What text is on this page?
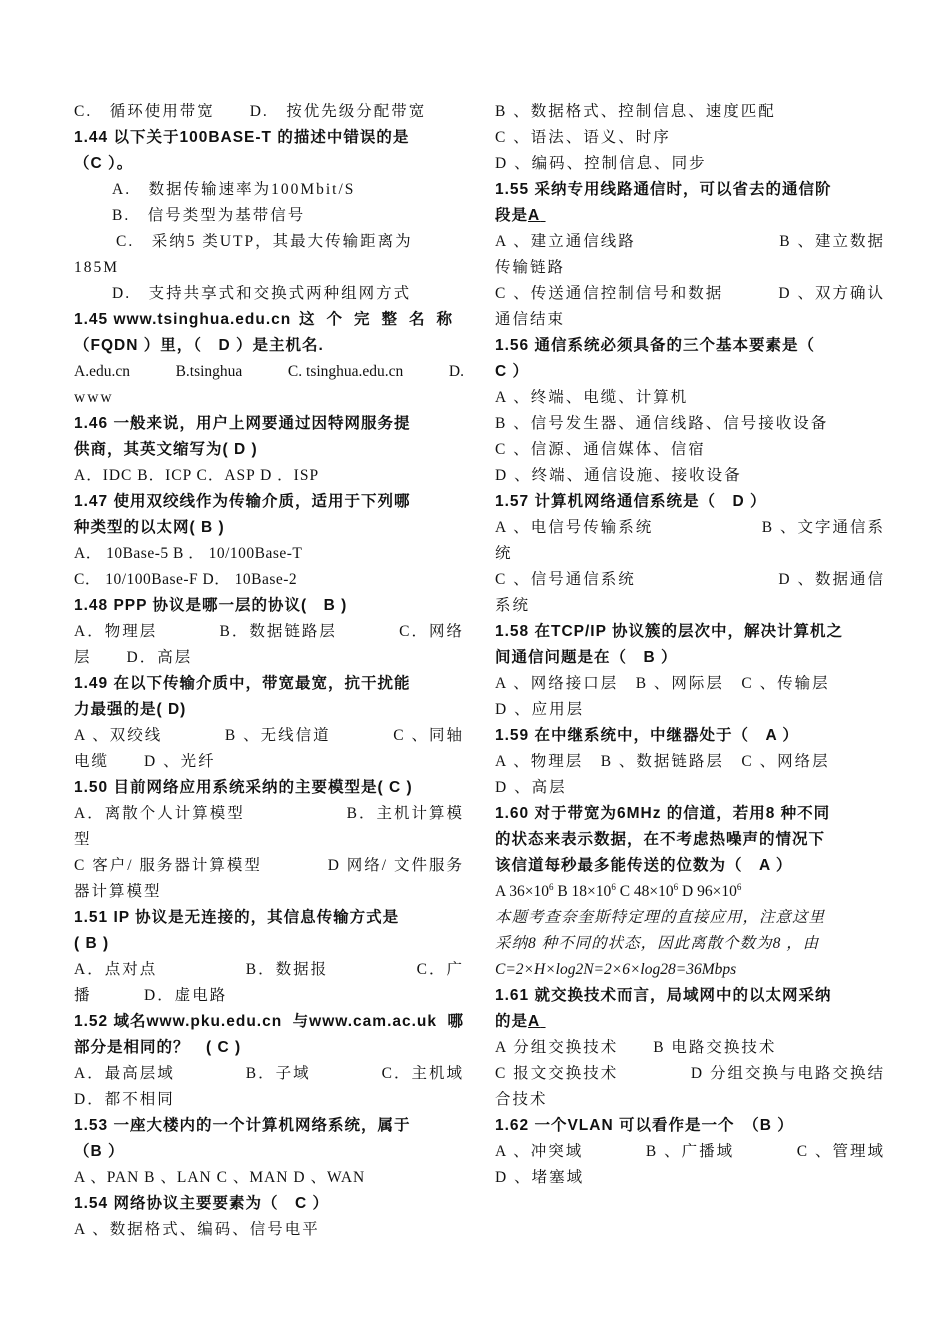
C.　循环使用带宽　　D.　按优先级分配带宽
1.44 以下关于100BASE-T 的描述中错误的是
（C ）。
A.　数据传输速率为100Mbit/S
B.　信号类型为基带信号
C.　采纳5 类UTP，其最大传输距离为
185M
D.　支持共享式和交换式两种组网方式
1.45 www.tsinghua.edu.cn 这个完整名称
（FQDN ）里，（　D ）是主机名.
A.edu.cn	B.tsinghua	C. tsinghua.edu.cn	D.
www
1.46 一般来说，用户上网要通过因特网服务提
供商，其英文缩写为( D )
A．IDC B．ICP C．ASP D ．ISP
1.47 使用双绞线作为传输介质，适用于下列哪
种类型的以太网( B )
A． 10Base-5 B ． 10/100Base-T
C． 10/100Base-F D． 10Base-2
1.48 PPP 协议是哪一层的协议(　B )
A．物理层	B．数据链路层	C．网络
层　　D．高层
1.49 在以下传输介质中，带宽最宽，抗干扰能
力最强的是( D)
A 、双绞线	B 、无线信道	C 、同轴
电缆　　D 、光纤
1.50 目前网络应用系统采纳的主要模型是( C )
A．离散个人计算模型	B．主机计算模
型
C 客户/ 服务器计算模型	D 网络/ 文件服务
器计算模型
1.51 IP 协议是无连接的，其信息传输方式是
( B )
A．点对点	B．数据报	C．广
播　　　D．虚电路
1.52 域名www.pku.edu.cn 与www.cam.ac.uk 哪
部分是相同的？　( C )
A．最高层域	B．子域	C．主机域
D．都不相同
1.53 一座大楼内的一个计算机网络系统，属于
（B ）
A 、PAN B 、LAN C 、MAN D 、WAN
1.54 网络协议主要要素为（　C ）
A 、数据格式、编码、信号电平
B 、数据格式、控制信息、速度匹配
C 、语法、语义、时序
D 、编码、控制信息、同步
1.55 采纳专用线路通信时，可以省去的通信阶
段是A
A 、建立通信线路	B 、建立数据
传输链路
C 、传送通信控制信号和数据	D 、双方确认
通信结束
1.56 通信系统必须具备的三个基本要素是（
C ）
A 、终端、电缆、计算机
B 、信号发生器、通信线路、信号接收设备
C 、信源、通信媒体、信宿
D 、终端、通信设施、接收设备
1.57 计算机网络通信系统是（　D ）
A 、电信号传输系统	B 、文字通信系
统
C 、信号通信系统	D 、数据通信
系统
1.58 在TCP/IP 协议簇的层次中，解决计算机之
间通信问题是在（　B ）
A 、网络接口层　B 、网际层　C 、传输层
D 、应用层
1.59 在中继系统中，中继器处于（　A ）
A 、物理层　B 、数据链路层　C 、网络层
D 、高层
1.60 对于带宽为6MHz 的信道，若用8 种不同
的状态来表示数据，在不考虑热噪声的情况下
该信道每秒最多能传送的位数为（　A ）
A $36\times 10^6$ B $18\times 10^6$ C $48\times 10^6$ D $96\times 10^6$
本题考查奈奎斯特定理的直接应用，注意这里
采纳8 种不同的状态，因此离散个数为8 ，由
C=2×H×log2N=2×6×log28=36Mbps
1.61 就交换技术而言，局域网中的以太网采纳
的是A
A 分组交换技术　　B 电路交换技术
C 报文交换技术	D 分组交换与电路交换结
合技术
1.62 一个VLAN 可以看作是一个　（B ）
A 、冲突域	B 、广播域	C 、管理域
D 、堵塞域
